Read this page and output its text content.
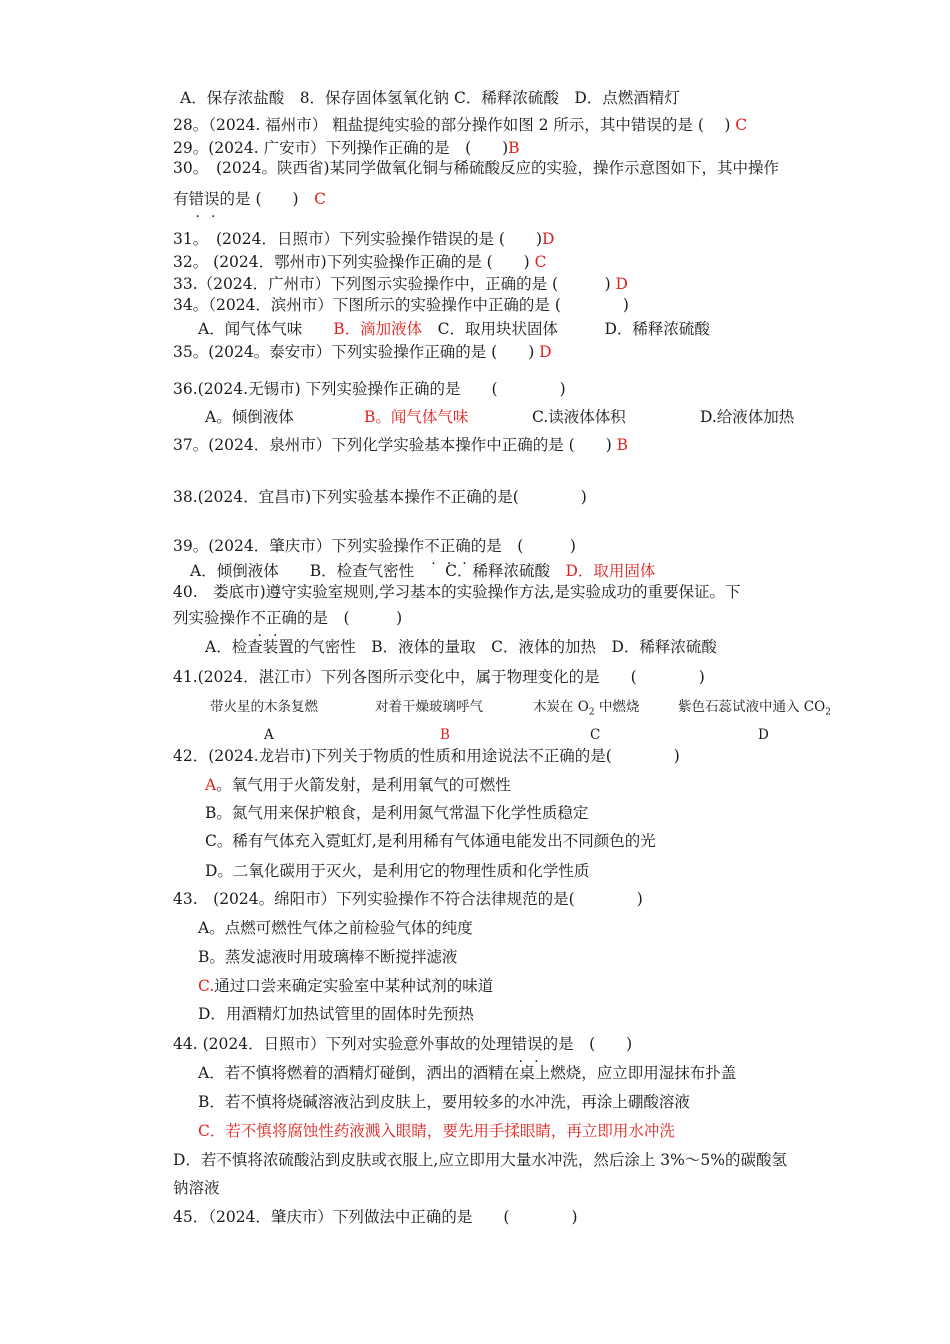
A．保存浓盐酸　8．保存固体氢氧化钠 C．稀释浓硫酸　D．点燃酒精灯
28。（2024. 福州市） 粗盐提纯实验的部分操作如图 2 所示，其中错误的是 (　 ) C
29。(2024. 广安市）下列操作正确的是　(　　)B
30。　(2024。陕西省)某同学做氧化铜与稀硫酸反应的实验，操作示意图如下，其中操作
有错误的是 (　　)　C
31。　(2024．日照市）下列实验操作错误的是 (　　)D
32。 (2024．鄂州市)下列实验操作正确的是 (　　) C
33.（2024．广州市）下列图示实验操作中，正确的是 (　　　) D
34。（2024．滨州市）下图所示的实验操作中正确的是 (　　　　)
A．闻气体气味　　B．滴加液体　C．取用块状固体　　　D．稀释浓硫酸
35。(2024。泰安市）下列实验操作正确的是 (　　) D
36.(2024.无锡市) 下列实验操作正确的是　　(　　　　)
A。倾倒液体	B。闻气体气味	C.读液体体积	D.给液体加热
37。(2024．泉州市）下列化学实验基本操作中正确的是 (　　) B
38.(2024．宜昌市)下列实验基本操作不正确的是(　　　　)
39。(2024．肇庆市）下列实验操作不正确的是　(　　　)
A．倾倒液体　　B．检查气密性　　C．稀释浓硫酸　D．取用固体
40.　娄底市)遵守实验室规则,学习基本的实验操作方法,是实验成功的重要保证。下
列实验操作不正确的是　(　　　)
A．检查装置的气密性　B．液体的量取　C．液体的加热　D．稀释浓硫酸
41.(2024．湛江市）下列各图所示变化中，属于物理变化的是　　(　　　　)
带火星的木条复燃	对着干燥玻璃呼气	木炭在 $O_2$ 中燃烧	紫色石蕊试液中通入 $CO_2$
A	B	C	D
42．(2024.龙岩市)下列关于物质的性质和用途说法不正确的是(　　　　)
A。氧气用于火箭发射，是利用氧气的可燃性
B。氮气用来保护粮食，是利用氮气常温下化学性质稳定
C。稀有气体充入霓虹灯,是利用稀有气体通电能发出不同颜色的光
D。二氧化碳用于灭火，是利用它的物理性质和化学性质
43.　(2024。绵阳市）下列实验操作不符合法律规范的是(　　　　)
A。点燃可燃性气体之前检验气体的纯度
B。蒸发滤液时用玻璃棒不断搅拌滤液
C.通过口尝来确定实验室中某种试剂的味道
D．用酒精灯加热试管里的固体时先预热
44. (2024．日照市）下列对实验意外事故的处理错误的是　(　　)
A．若不慎将燃着的酒精灯碰倒，洒出的酒精在桌上燃烧，应立即用湿抹布扑盖
B．若不慎将烧碱溶液沾到皮肤上，要用较多的水冲洗，再涂上硼酸溶液
C．若不慎将腐蚀性药液溅入眼睛，要先用手揉眼睛，再立即用水冲洗
D．若不慎将浓硫酸沾到皮肤或衣服上,应立即用大量水冲洗，然后涂上 3%～5%的碳酸氢
钠溶液
45．（2024．肇庆市）下列做法中正确的是　　(　　　　)
